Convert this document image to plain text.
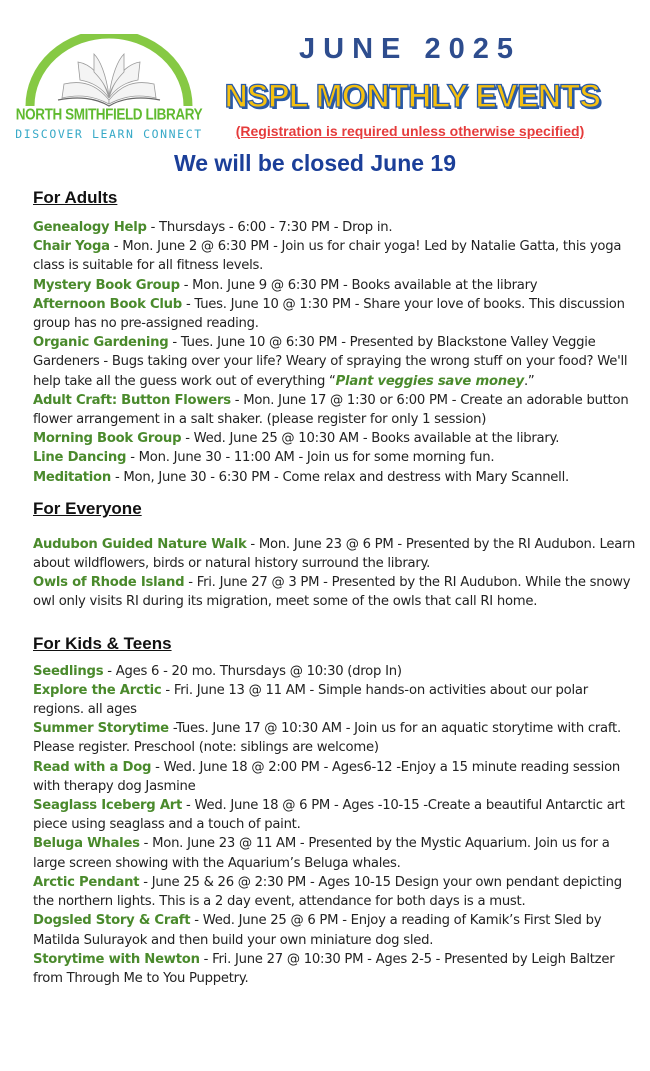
NORTH SMITHFIELD LIBRARY
DISCOVER LEARN CONNECT
JUNE 2025
NSPL MONTHLY EVENTS
(Registration is required unless otherwise specified)
We will be closed June 19
For Adults
Genealogy Help - Thursdays - 6:00 - 7:30 PM - Drop in.
Chair Yoga - Mon. June 2 @ 6:30 PM - Join us for chair yoga! Led by Natalie Gatta, this yoga class is suitable for all fitness levels.
Mystery Book Group - Mon. June 9 @ 6:30 PM - Books available at the library
Afternoon Book Club - Tues. June 10 @ 1:30 PM - Share your love of books. This discussion group has no pre-assigned reading.
Organic Gardening - Tues. June 10 @ 6:30 PM - Presented by Blackstone Valley Veggie Gardeners - Bugs taking over your life? Weary of spraying the wrong stuff on your food? We'll help take all the guess work out of everything “Plant veggies save money.”
Adult Craft: Button Flowers - Mon. June 17 @ 1:30 or 6:00 PM - Create an adorable button flower arrangement in a salt shaker. (please register for only 1 session)
Morning Book Group - Wed. June 25 @ 10:30 AM - Books available at the library.
Line Dancing - Mon. June 30 - 11:00 AM - Join us for some morning fun.
Meditation - Mon, June 30 - 6:30 PM - Come relax and destress with Mary Scannell.
For Everyone
Audubon Guided Nature Walk - Mon. June 23 @ 6 PM - Presented by the RI Audubon. Learn about wildflowers, birds or natural history surround the library.
Owls of Rhode Island - Fri. June 27 @ 3 PM - Presented by the RI Audubon. While the snowy owl only visits RI during its migration, meet some of the owls that call RI home.
For Kids & Teens
Seedlings - Ages 6 - 20 mo. Thursdays @ 10:30 (drop In)
Explore the Arctic - Fri. June 13 @ 11 AM - Simple hands-on activities about our polar regions. all ages
Summer Storytime -Tues. June 17 @ 10:30 AM - Join us for an aquatic storytime with craft. Please register. Preschool (note: siblings are welcome)
Read with a Dog - Wed. June 18 @ 2:00 PM - Ages6-12 -Enjoy a 15 minute reading session with therapy dog Jasmine
Seaglass Iceberg Art - Wed. June 18 @ 6 PM - Ages -10-15 -Create a beautiful Antarctic art piece using seaglass and a touch of paint.
Beluga Whales - Mon. June 23 @ 11 AM - Presented by the Mystic Aquarium. Join us for a large screen showing with the Aquarium’s Beluga whales.
Arctic Pendant - June 25 & 26 @ 2:30 PM - Ages 10-15 Design your own pendant depicting the northern lights. This is a 2 day event, attendance for both days is a must.
Dogsled Story & Craft - Wed. June 25 @ 6 PM - Enjoy a reading of Kamik’s First Sled by Matilda Sulurayok and then build your own miniature dog sled.
Storytime with Newton - Fri. June 27 @ 10:30 PM - Ages 2-5 - Presented by Leigh Baltzer from Through Me to You Puppetry.
